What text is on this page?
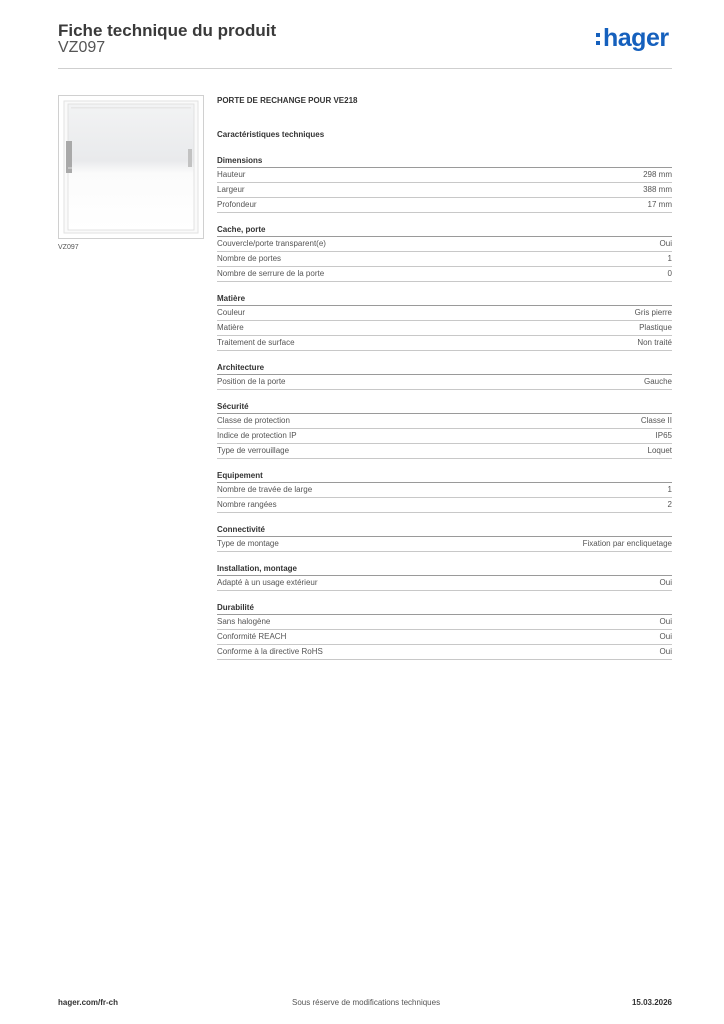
Fiche technique du produit
VZ097	hager
VZ097
PORTE DE RECHANGE POUR VE218
Caractéristiques techniques
Dimensions
Hauteur	298 mm
Largeur	388 mm
Profondeur	17 mm
Cache, porte
Couvercle/porte transparent(e)	Oui
Nombre de portes	1
Nombre de serrure de la porte	0
Matière
Couleur	Gris pierre
Matière	Plastique
Traitement de surface	Non traité
Architecture
Position de la porte	Gauche
Sécurité
Classe de protection	Classe II
Indice de protection IP	IP65
Type de verrouillage	Loquet
Equipement
Nombre de travée de large	1
Nombre rangées	2
Connectivité
Type de montage	Fixation par encliquetage
Installation, montage
Adapté à un usage extérieur	Oui
Durabilité
Sans halogène	Oui
Conformité REACH	Oui
Conforme à la directive RoHS	Oui
hager.com/fr-ch	Sous réserve de modifications techniques	15.03.2026
